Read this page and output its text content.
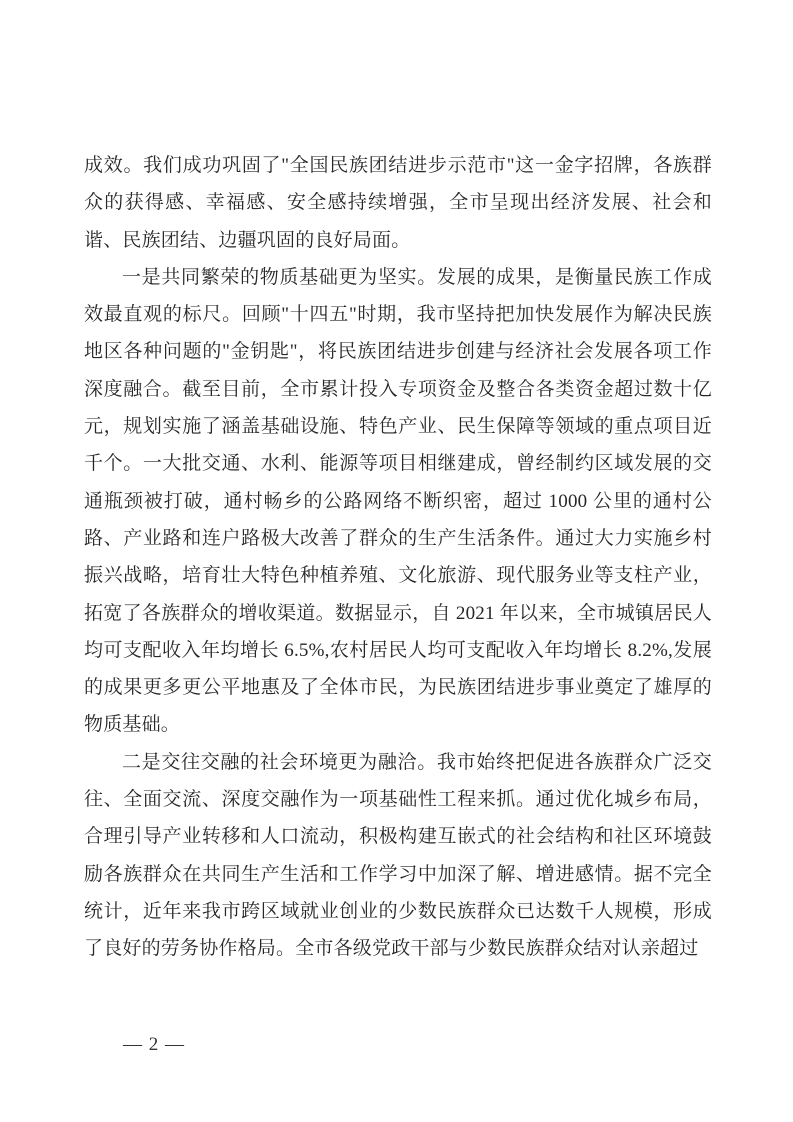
成效。我们成功巩固了"全国民族团结进步示范市"这一金字招牌，各族群众的获得感、幸福感、安全感持续增强，全市呈现出经济发展、社会和谐、民族团结、边疆巩固的良好局面。

一是共同繁荣的物质基础更为坚实。发展的成果，是衡量民族工作成效最直观的标尺。回顾"十四五"时期，我市坚持把加快发展作为解决民族地区各种问题的"金钥匙"，将民族团结进步创建与经济社会发展各项工作深度融合。截至目前，全市累计投入专项资金及整合各类资金超过数十亿元，规划实施了涵盖基础设施、特色产业、民生保障等领域的重点项目近千个。一大批交通、水利、能源等项目相继建成，曾经制约区域发展的交通瓶颈被打破，通村畅乡的公路网络不断织密，超过 1000 公里的通村公路、产业路和连户路极大改善了群众的生产生活条件。通过大力实施乡村振兴战略，培育壮大特色种植养殖、文化旅游、现代服务业等支柱产业，拓宽了各族群众的增收渠道。数据显示，自 2021 年以来，全市城镇居民人均可支配收入年均增长 6.5%,农村居民人均可支配收入年均增长 8.2%,发展的成果更多更公平地惠及了全体市民，为民族团结进步事业奠定了雄厚的物质基础。

二是交往交融的社会环境更为融洽。我市始终把促进各族群众广泛交往、全面交流、深度交融作为一项基础性工程来抓。通过优化城乡布局，合理引导产业转移和人口流动，积极构建互嵌式的社会结构和社区环境鼓励各族群众在共同生产生活和工作学习中加深了解、增进感情。据不完全统计，近年来我市跨区域就业创业的少数民族群众已达数千人规模，形成了良好的劳务协作格局。全市各级党政干部与少数民族群众结对认亲超过

— 2 —
